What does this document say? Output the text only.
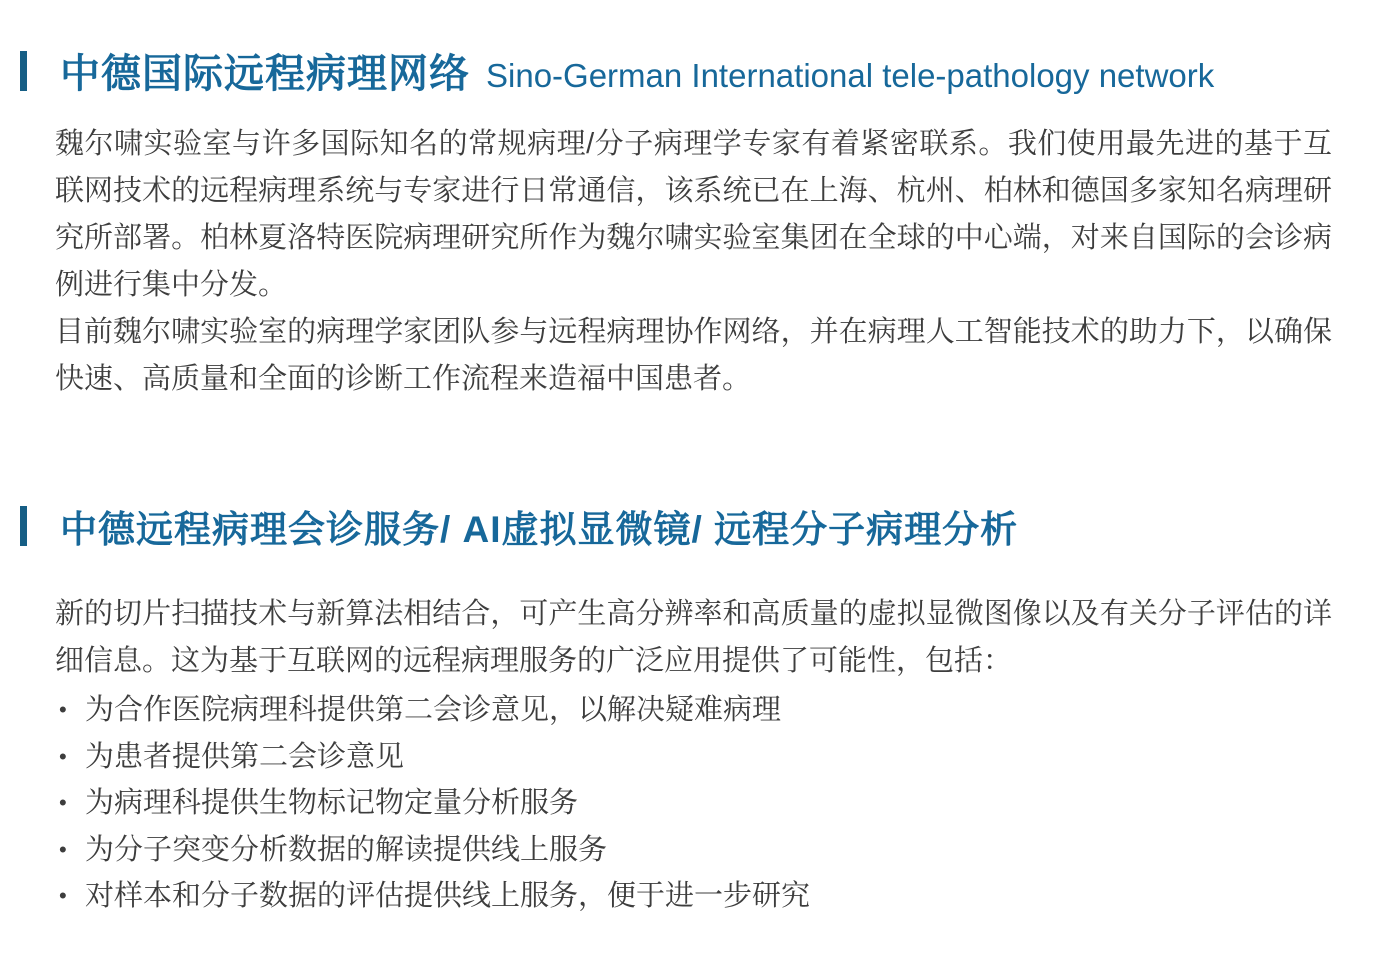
中德国际远程病理网络 Sino-German International tele-pathology network

魏尔啸实验室与许多国际知名的常规病理/分子病理学专家有着紧密联系。我们使用最先进的基于互联网技术的远程病理系统与专家进行日常通信，该系统已在上海、杭州、柏林和德国多家知名病理研究所部署。柏林夏洛特医院病理研究所作为魏尔啸实验室集团在全球的中心端，对来自国际的会诊病例进行集中分发。

目前魏尔啸实验室的病理学家团队参与远程病理协作网络，并在病理人工智能技术的助力下，以确保快速、高质量和全面的诊断工作流程来造福中国患者。

中德远程病理会诊服务/ AI虚拟显微镜/ 远程分子病理分析

新的切片扫描技术与新算法相结合，可产生高分辨率和高质量的虚拟显微图像以及有关分子评估的详细信息。这为基于互联网的远程病理服务的广泛应用提供了可能性，包括：

• 为合作医院病理科提供第二会诊意见，以解决疑难病理
• 为患者提供第二会诊意见
• 为病理科提供生物标记物定量分析服务
• 为分子突变分析数据的解读提供线上服务
• 对样本和分子数据的评估提供线上服务，便于进一步研究
